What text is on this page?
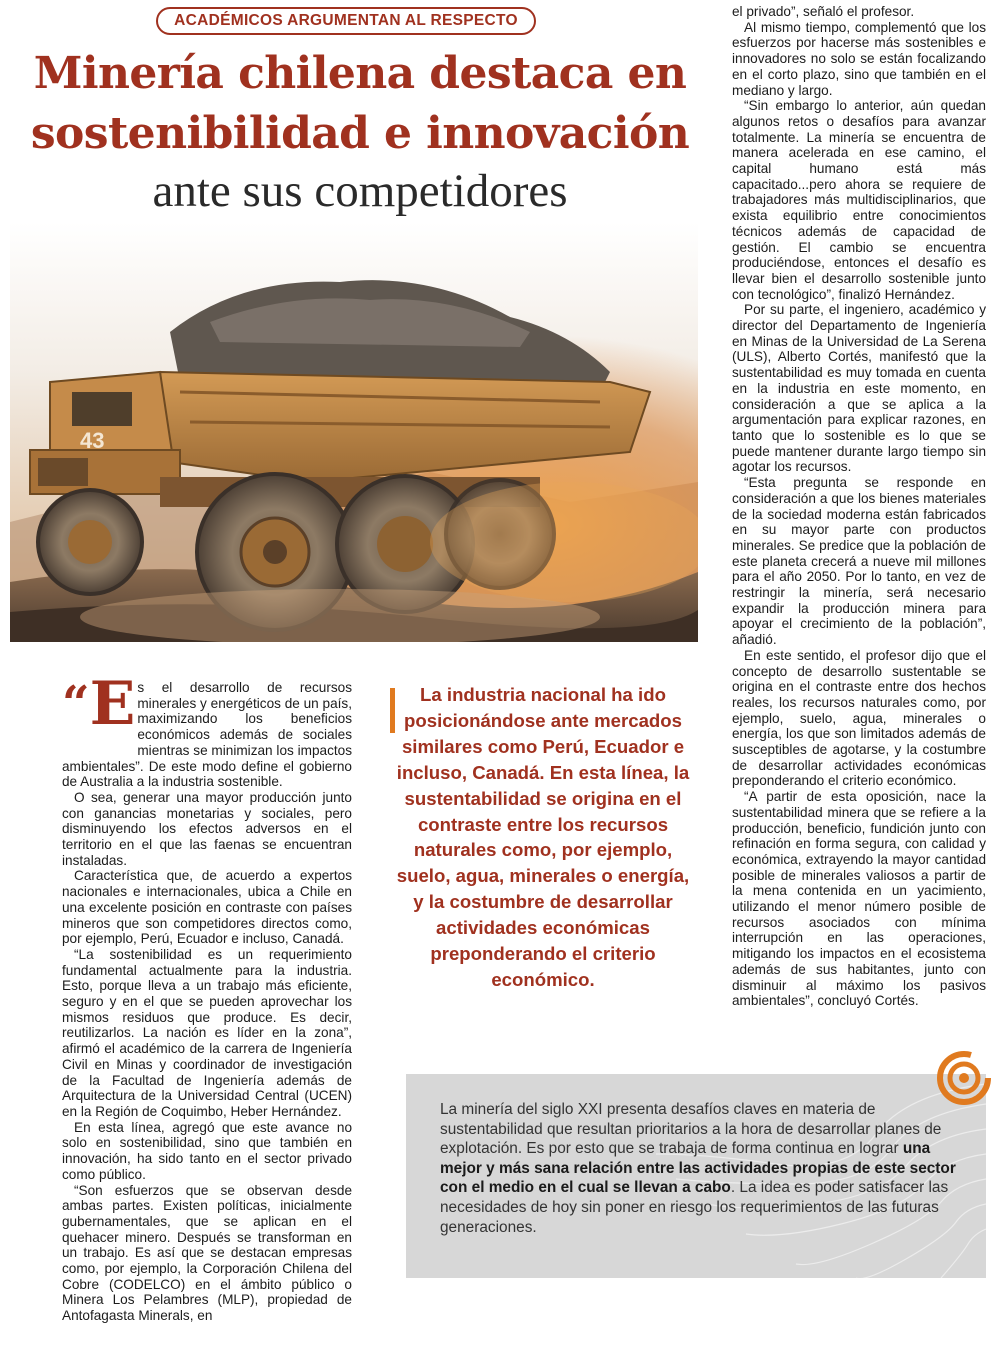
ACADÉMICOS ARGUMENTAN AL RESPECTO
Minería chilena destaca en
sostenibilidad e innovación
ante sus competidores
43

“E s el desarrollo de recursos minerales y energéticos de un país, maximizando los beneficios económicos además de sociales mientras se minimizan los impactos ambientales”. De este modo define el gobierno de Australia a la industria sostenible.

O sea, generar una mayor producción junto con ganancias monetarias y sociales, pero disminuyendo los efectos adversos en el territorio en el que las faenas se encuentran instaladas.

Característica que, de acuerdo a expertos nacionales e internacionales, ubica a Chile en una excelente posición en contraste con países mineros que son competidores directos como, por ejemplo, Perú, Ecuador e incluso, Canadá.

“La sostenibilidad es un requerimiento fundamental actualmente para la industria. Esto, porque lleva a un trabajo más eficiente, seguro y en el que se pueden aprovechar los mismos residuos que produce. Es decir, reutilizarlos. La nación es líder en la zona”, afirmó el académico de la carrera de Ingeniería Civil en Minas y coordinador de investigación de la Facultad de Ingeniería además de Arquitectura de la Universidad Central (UCEN) en la Región de Coquimbo, Heber Hernández.

En esta línea, agregó que este avance no solo en sostenibilidad, sino que también en innovación, ha sido tanto en el sector privado como público.

“Son esfuerzos que se observan desde ambas partes. Existen políticas, inicialmente gubernamentales, que se aplican en el quehacer minero. Después se transforman en un trabajo. Es así que se destacan empresas como, por ejemplo, la Corporación Chilena del Cobre (CODELCO) en el ámbito público o Minera Los Pelambres (MLP), propiedad de Antofagasta Minerals, en

La industria nacional ha ido posicionándose ante mercados similares como Perú, Ecuador e incluso, Canadá. En esta línea, la sustentabilidad se origina en el contraste entre los recursos naturales como, por ejemplo, suelo, agua, minerales o energía, y la costumbre de desarrollar actividades económicas preponderando el criterio económico.

el privado”, señaló el profesor.

Al mismo tiempo, complementó que los esfuerzos por hacerse más sostenibles e innovadores no solo se están focalizando en el corto plazo, sino que también en el mediano y largo.

“Sin embargo lo anterior, aún quedan algunos retos o desafíos para avanzar totalmente. La minería se encuentra de manera acelerada en ese camino, el capital humano está más capacitado...pero ahora se requiere de trabajadores más multidisciplinarios, que exista equilibrio entre conocimientos técnicos además de capacidad de gestión. El cambio se encuentra produciéndose, entonces el desafío es llevar bien el desarrollo sostenible junto con tecnológico”, finalizó Hernández.

Por su parte, el ingeniero, académico y director del Departamento de Ingeniería en Minas de la Universidad de La Serena (ULS), Alberto Cortés, manifestó que la sustentabilidad es muy tomada en cuenta en la industria en este momento, en consideración a que se aplica a la argumentación para explicar razones, en tanto que lo sostenible es lo que se puede mantener durante largo tiempo sin agotar los recursos.

“Esta pregunta se responde en consideración a que los bienes materiales de la sociedad moderna están fabricados en su mayor parte con productos minerales. Se predice que la población de este planeta crecerá a nueve mil millones para el año 2050. Por lo tanto, en vez de restringir la minería, será necesario expandir la producción minera para apoyar el crecimiento de la población”, añadió.

En este sentido, el profesor dijo que el concepto de desarrollo sustentable se origina en el contraste entre dos hechos reales, los recursos naturales como, por ejemplo, suelo, agua, minerales o energía, los que son limitados además de susceptibles de agotarse, y la costumbre de desarrollar actividades económicas preponderando el criterio económico.

“A partir de esta oposición, nace la sustentabilidad minera que se refiere a la producción, beneficio, fundición junto con refinación en forma segura, con calidad y económica, extrayendo la mayor cantidad posible de minerales valiosos a partir de la mena contenida en un yacimiento, utilizando el menor número posible de recursos asociados con mínima interrupción en las operaciones, mitigando los impactos en el ecosistema además de sus habitantes, junto con disminuir al máximo los pasivos ambientales”, concluyó Cortés.

La minería del siglo XXI presenta desafíos claves en materia de sustentabilidad que resultan prioritarios a la hora de desarrollar planes de explotación. Es por esto que se trabaja de forma continua en lograr una mejor y más sana relación entre las actividades propias de este sector con el medio en el cual se llevan a cabo. La idea es poder satisfacer las necesidades de hoy sin poner en riesgo los requerimientos de las futuras generaciones.
